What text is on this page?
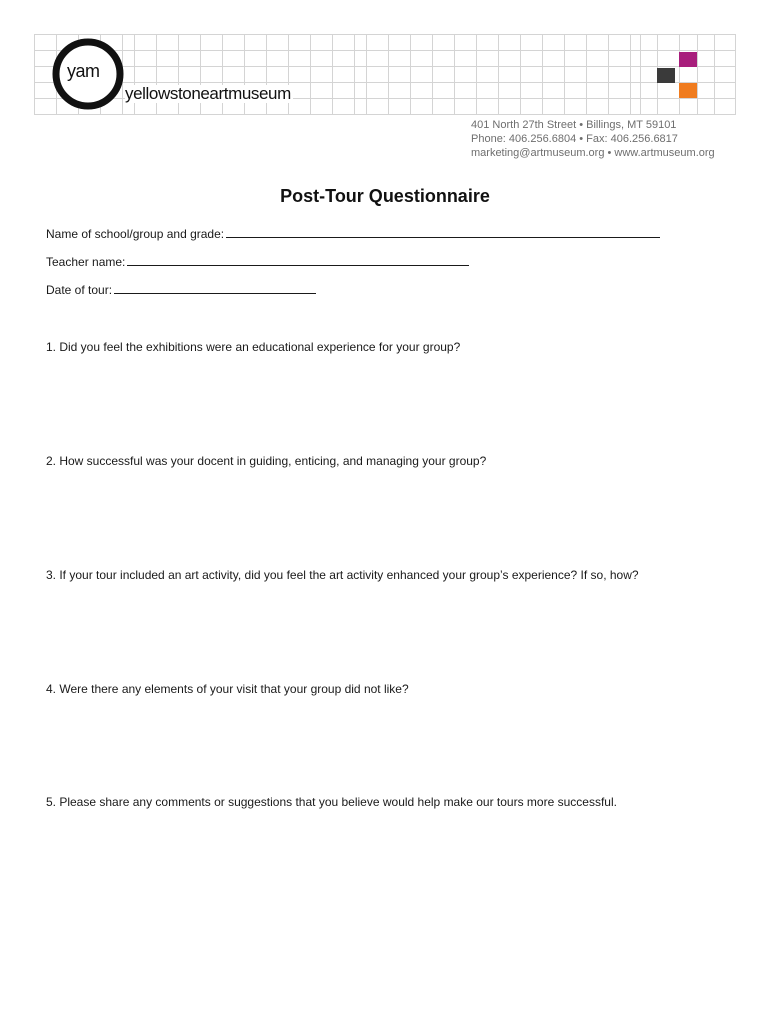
yam
yellowstoneartmuseum
401 North 27th Street • Billings, MT 59101
Phone: 406.256.6804 • Fax: 406.256.6817
marketing@artmuseum.org • www.artmuseum.org
Post-Tour Questionnaire
Name of school/group and grade:
Teacher name:
Date of tour:
1. Did you feel the exhibitions were an educational experience for your group?
2. How successful was your docent in guiding, enticing, and managing your group?
3. If your tour included an art activity, did you feel the art activity enhanced your group’s experience? If so, how?
4. Were there any elements of your visit that your group did not like?
5. Please share any comments or suggestions that you believe would help make our tours more successful.
